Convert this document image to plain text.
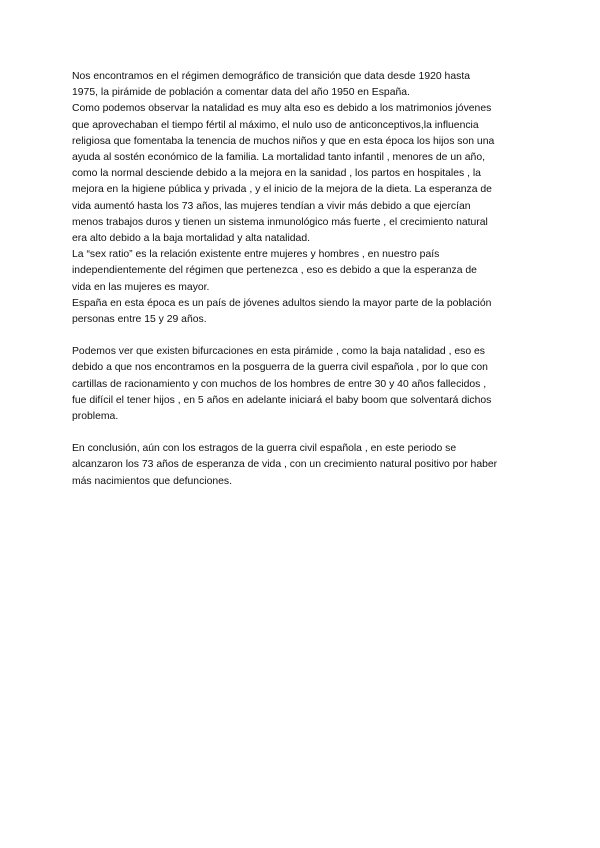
Nos encontramos en el régimen demográfico de transición que data desde 1920 hasta
1975, la pirámide de población a comentar data del año 1950 en España.
Como podemos observar la natalidad es muy alta eso es debido a los matrimonios jóvenes
que aprovechaban el tiempo fértil al máximo, el nulo uso de anticonceptivos,la influencia
religiosa que fomentaba la tenencia de muchos niños y que en esta época los hijos son una
ayuda al sostén económico de la familia. La mortalidad tanto infantil , menores de un año,
como la normal desciende debido a la mejora en la sanidad , los partos en hospitales , la
mejora en la higiene pública y privada , y el inicio de la mejora de la dieta. La esperanza de
vida aumentó hasta los 73 años, las mujeres tendían a vivir más debido a que ejercían
menos trabajos duros y tienen un sistema inmunológico más fuerte , el crecimiento natural
era alto debido a la baja mortalidad y alta natalidad.
La “sex ratio” es la relación existente entre mujeres y hombres , en nuestro país
independientemente del régimen que pertenezca , eso es debido a que la esperanza de
vida en las mujeres es mayor.
España en esta época es un país de jóvenes adultos siendo la mayor parte de la población
personas entre 15 y 29 años.
Podemos ver que existen bifurcaciones en esta pirámide , como la baja natalidad , eso es
debido a que nos encontramos en la posguerra de la guerra civil española , por lo que con
cartillas de racionamiento y con muchos de los hombres de entre 30 y 40 años fallecidos ,
fue difícil el tener hijos , en 5 años en adelante iniciará el baby boom que solventará dichos
problema.
En conclusión, aún con los estragos de la guerra civil española , en este periodo se
alcanzaron los 73 años de esperanza de vida , con un crecimiento natural positivo por haber
más nacimientos que defunciones.
